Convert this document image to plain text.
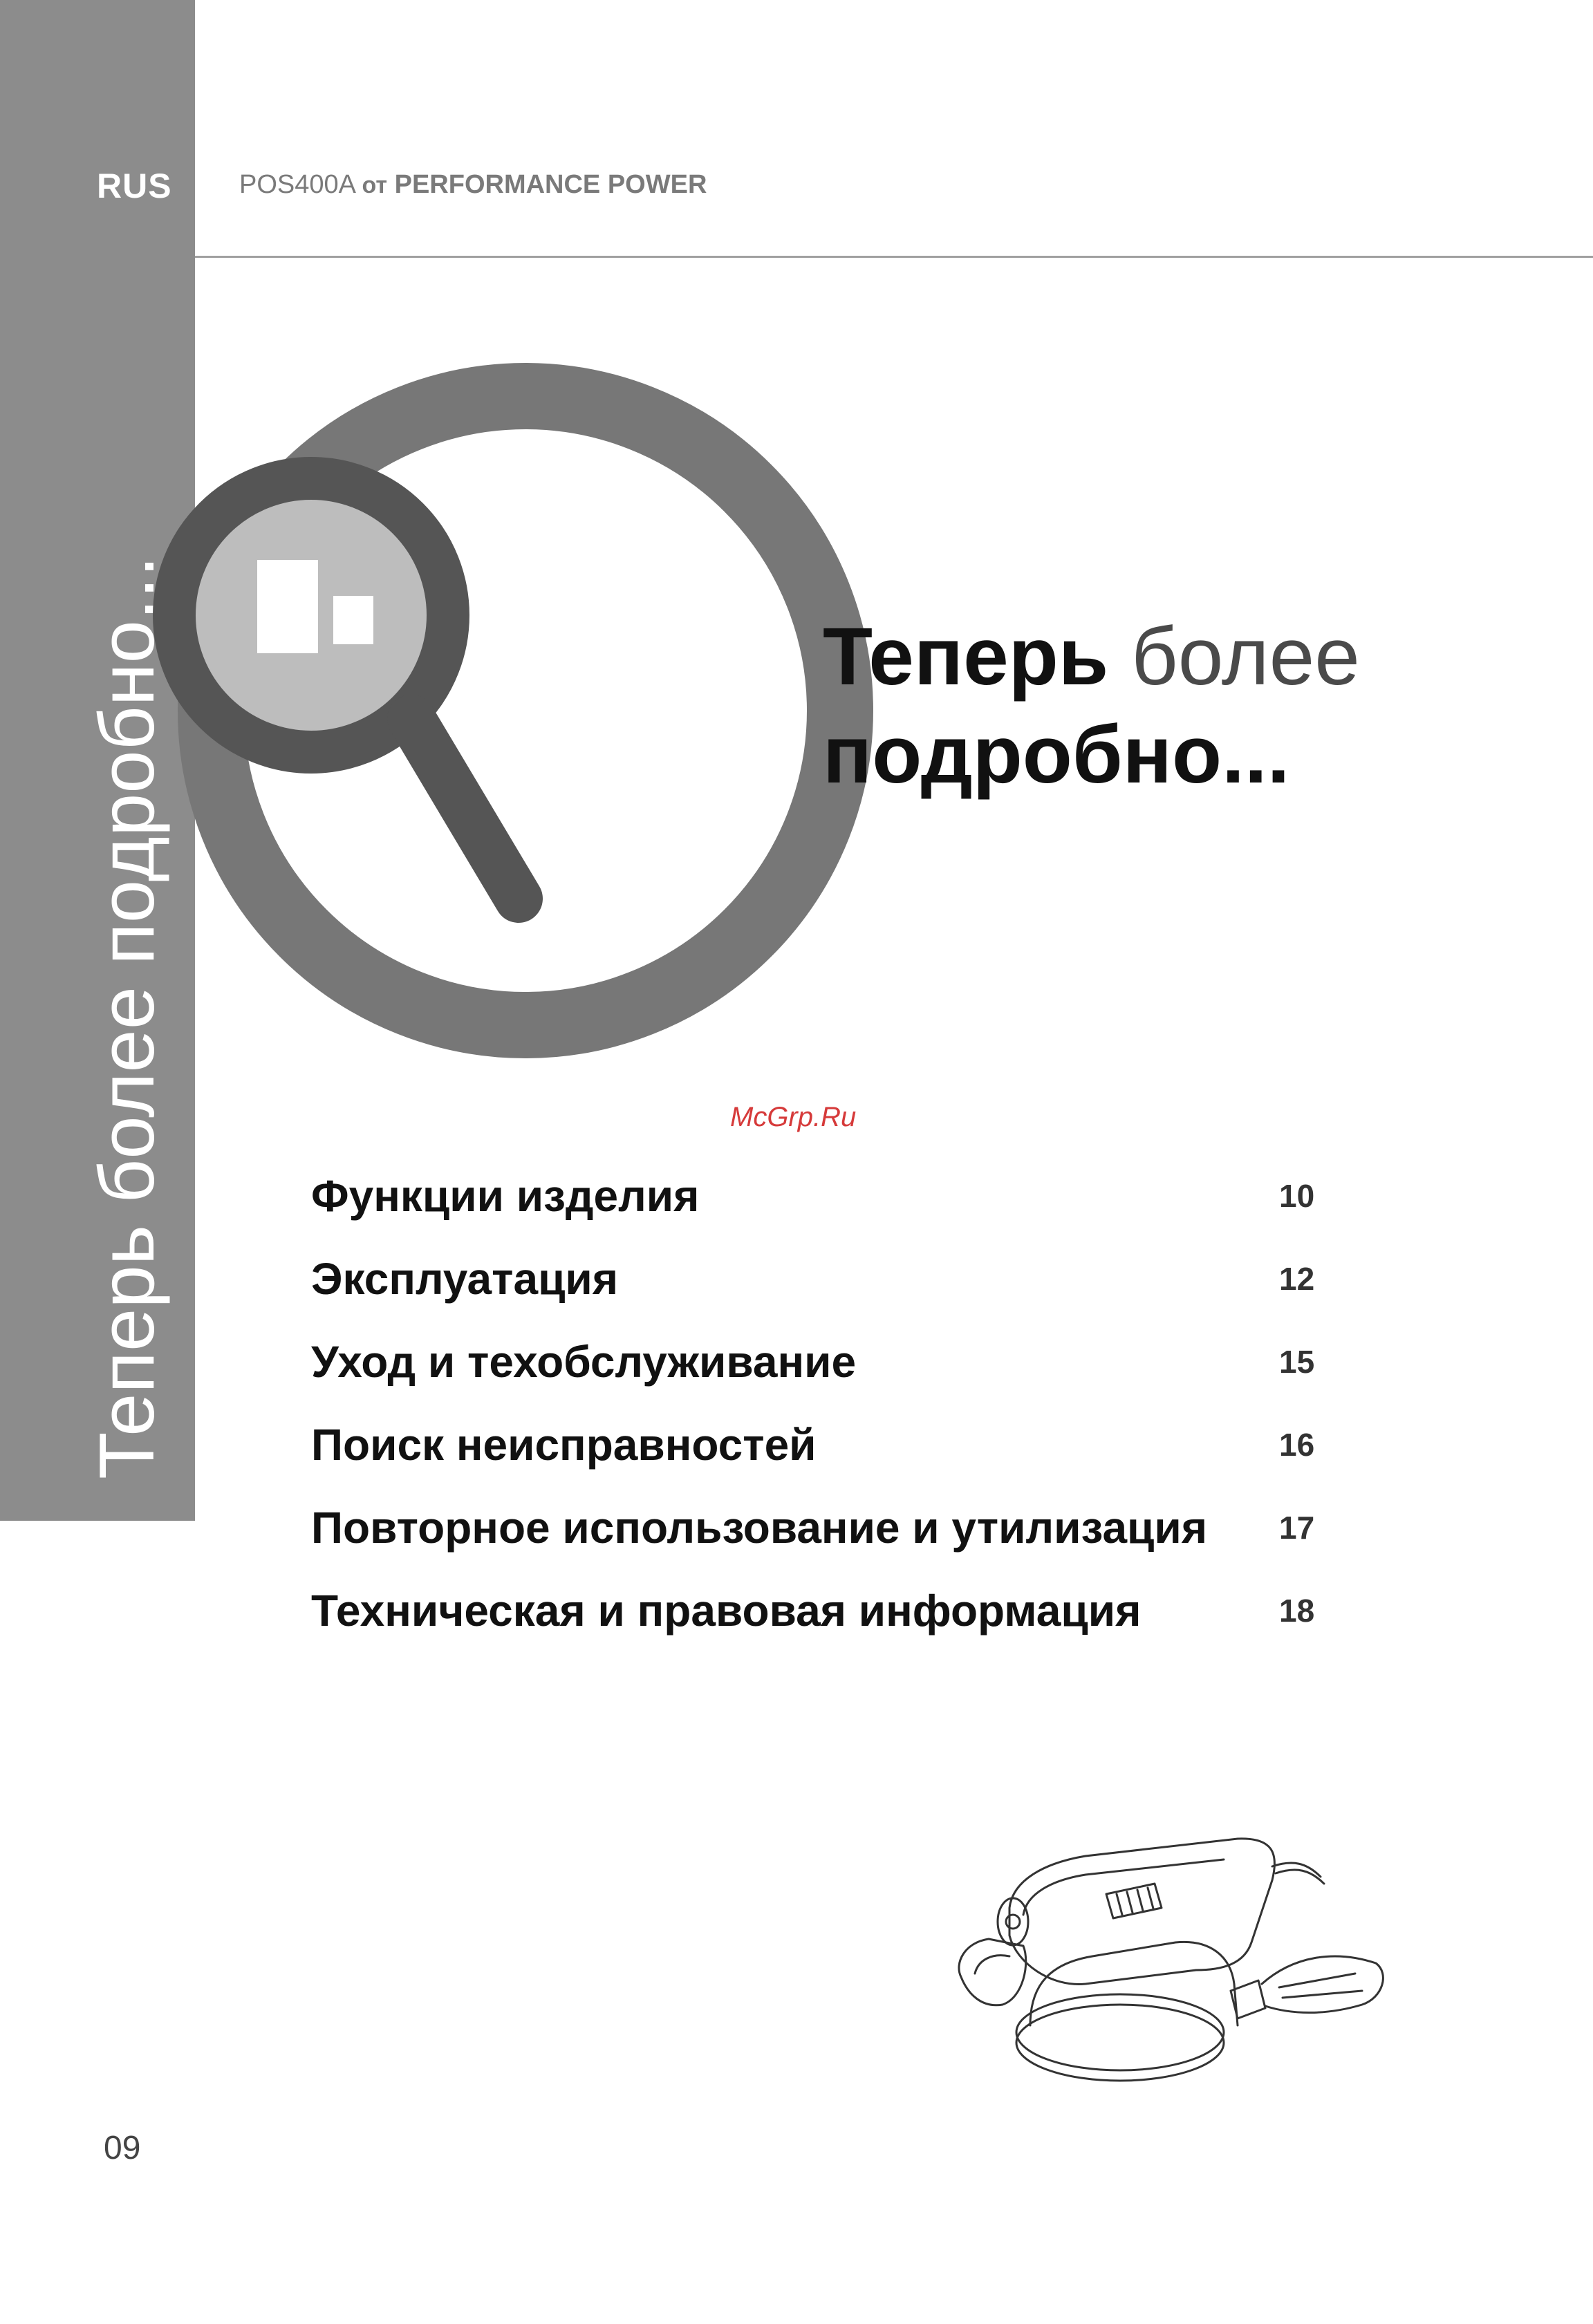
RUS
Теперь более подробно...
POS400A от PERFORMANCE POWER
Теперь более
подробно...
McGrp.Ru
Функции изделия	10
Эксплуатация	12
Уход и техобслуживание	15
Поиск неисправностей	16
Повторное использование и утилизация 17
Техническая и правовая информация	18
09
